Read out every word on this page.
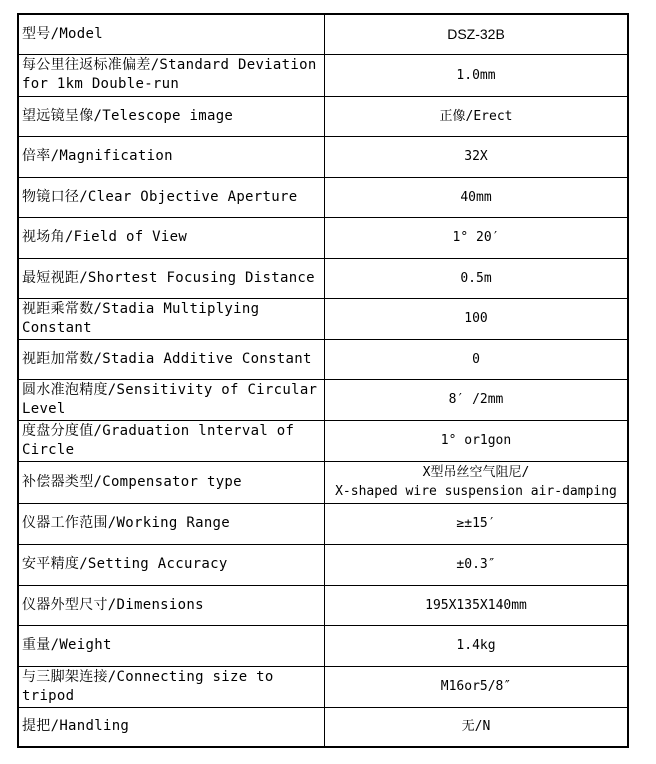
型号/Model	DSZ-32B
每公里往返标准偏差/Standard Deviation for 1km Double-run	1.0mm
望远镜呈像/Telescope image	正像/Erect
倍率/Magnification	32X
物镜口径/Clear Objective Aperture	40mm
视场角/Field of View	1° 20′
最短视距/Shortest Focusing Distance	0.5m
视距乘常数/Stadia Multiplying Constant	100
视距加常数/Stadia Additive Constant	0
圆水准泡精度/Sensitivity of Circular Level	8′ /2mm
度盘分度值/Graduation lnterval of Circle	1° or1gon
补偿器类型/Compensator type	X型吊丝空气阻尼/
X-shaped wire suspension air-damping

仪器工作范围/Working Range	≥±15′
安平精度/Setting Accuracy	±0.3″
仪器外型尺寸/Dimensions	195X135X140mm
重量/Weight	1.4kg
与三脚架连接/Connecting size to tripod	M16or5/8″
提把/Handling	无/N
